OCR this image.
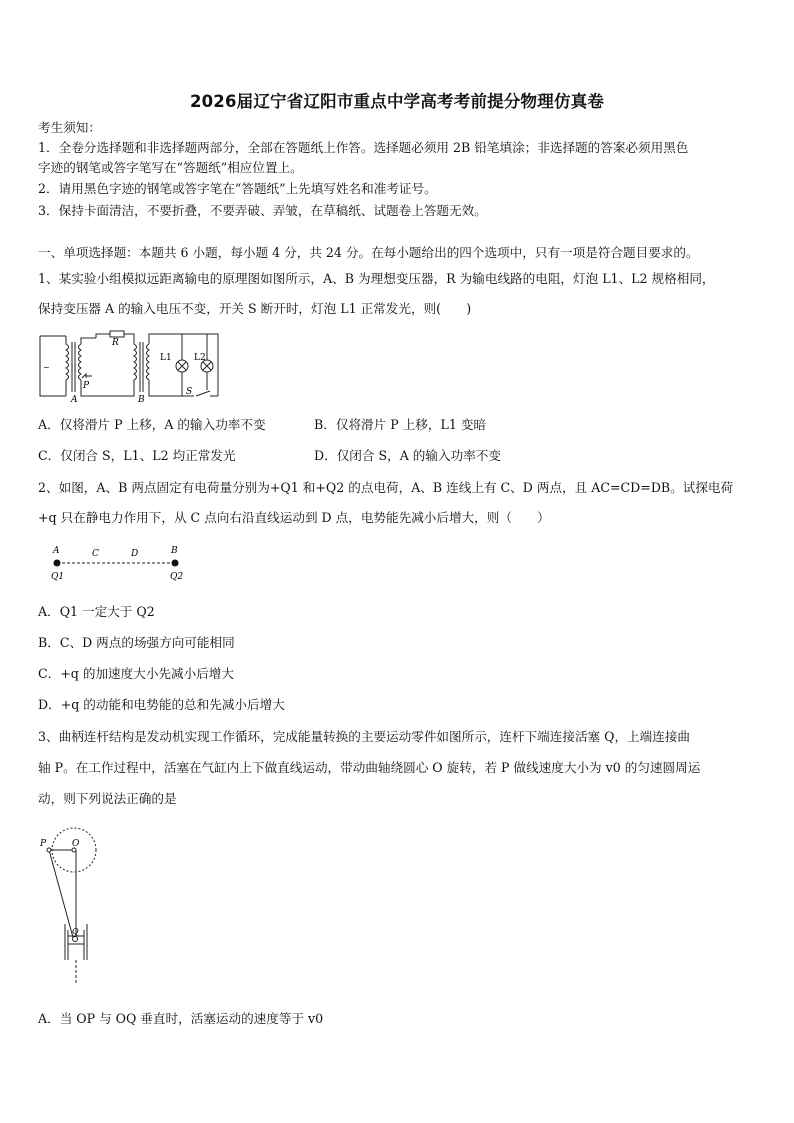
2026届辽宁省辽阳市重点中学高考考前提分物理仿真卷
考生须知：
1．全卷分选择题和非选择题两部分，全部在答题纸上作答。选择题必须用 2B 铅笔填涂；非选择题的答案必须用黑色
字迹的钢笔或答字笔写在“答题纸”相应位置上。
2．请用黑色字迹的钢笔或答字笔在“答题纸”上先填写姓名和准考证号。
3．保持卡面清洁，不要折叠，不要弄破、弄皱，在草稿纸、试题卷上答题无效。
一、单项选择题：本题共 6 小题，每小题 4 分，共 24 分。在每小题给出的四个选项中，只有一项是符合题目要求的。
1、某实验小组模拟远距离输电的原理图如图所示，A、B 为理想变压器，R 为输电线路的电阻，灯泡 L1、L2 规格相同，
保持变压器 A 的输入电压不变，开关 S 断开时，灯泡 L1 正常发光，则(　　)
~
R
P
A	B
L1 L2
S
A．仅将滑片 P 上移，A 的输入功率不变	B．仅将滑片 P 上移，L1 变暗
C．仅闭合 S，L1、L2 均正常发光	D．仅闭合 S，A 的输入功率不变
2、如图，A、B 两点固定有电荷量分别为+Q1 和+Q2 的点电荷，A、B 连线上有 C、D 两点，且 AC=CD=DB。试探电荷
+q 只在静电力作用下，从 C 点向右沿直线运动到 D 点，电势能先减小后增大，则（　　）
A	C	D	B
Q1	Q2
A．Q1 一定大于 Q2
B．C、D 两点的场强方向可能相同
C．+q 的加速度大小先减小后增大
D．+q 的动能和电势能的总和先减小后增大
3、曲柄连杆结构是发动机实现工作循环，完成能量转换的主要运动零件如图所示，连杆下端连接活塞 Q，上端连接曲
轴 P。在工作过程中，活塞在气缸内上下做直线运动，带动曲轴绕圆心 O 旋转，若 P 做线速度大小为 v0 的匀速圆周运
动，则下列说法正确的是
P	O
Q
A．当 OP 与 OQ 垂直时，活塞运动的速度等于 v0
